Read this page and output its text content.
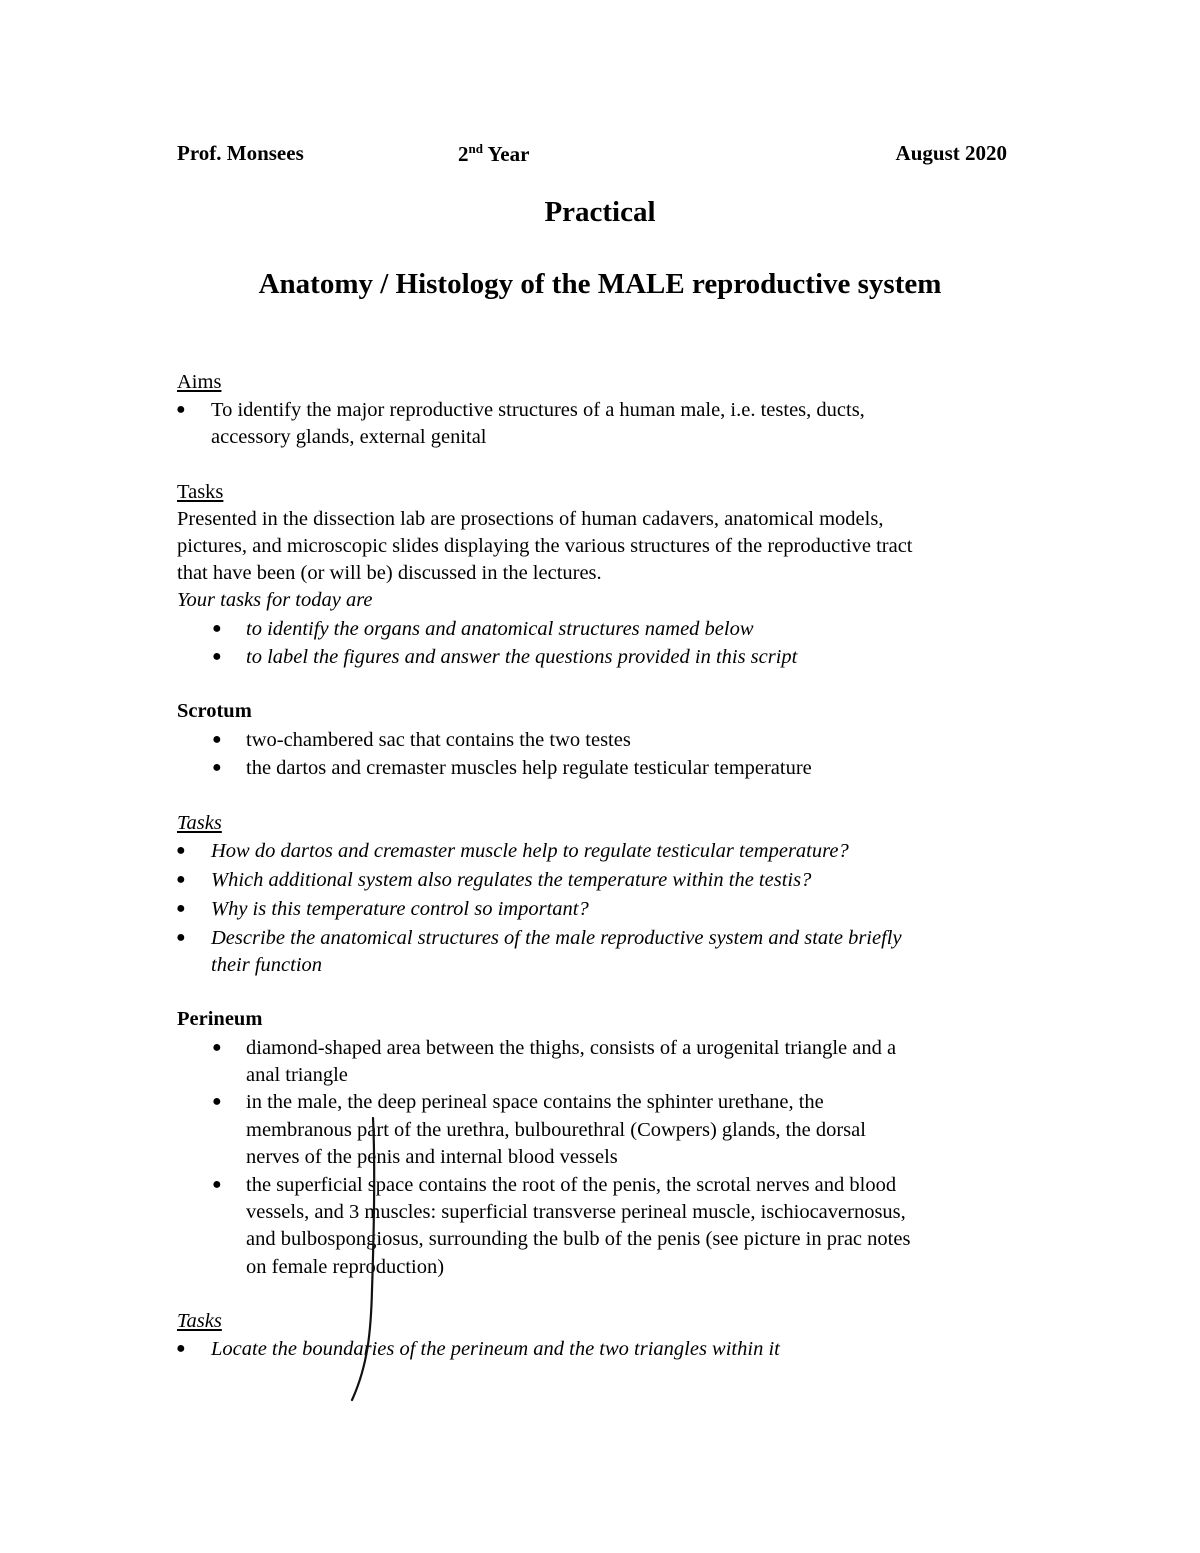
Prof. Monsees	2nd Year	August 2020
Practical
Anatomy / Histology of the MALE reproductive system
Aims
● To identify the major reproductive structures of a human male, i.e. testes, ducts,
accessory glands, external genital
Tasks
Presented in the dissection lab are prosections of human cadavers, anatomical models,
pictures, and microscopic slides displaying the various structures of the reproductive tract
that have been (or will be) discussed in the lectures.
Your tasks for today are
● to identify the organs and anatomical structures named below
● to label the figures and answer the questions provided in this script
Scrotum
● two-chambered sac that contains the two testes
● the dartos and cremaster muscles help regulate testicular temperature
Tasks
● How do dartos and cremaster muscle help to regulate testicular temperature?
● Which additional system also regulates the temperature within the testis?
● Why is this temperature control so important?
● Describe the anatomical structures of the male reproductive system and state briefly
their function
Perineum
● diamond-shaped area between the thighs, consists of a urogenital triangle and a
anal triangle
● in the male, the deep perineal space contains the sphinter urethane, the
membranous part of the urethra, bulbourethral (Cowpers) glands, the dorsal
nerves of the penis and internal blood vessels
● the superficial space contains the root of the penis, the scrotal nerves and blood
vessels, and 3 muscles: superficial transverse perineal muscle, ischiocavernosus,
and bulbospongiosus, surrounding the bulb of the penis (see picture in prac notes
on female reproduction)
Tasks
● Locate the boundaries of the perineum and the two triangles within it
